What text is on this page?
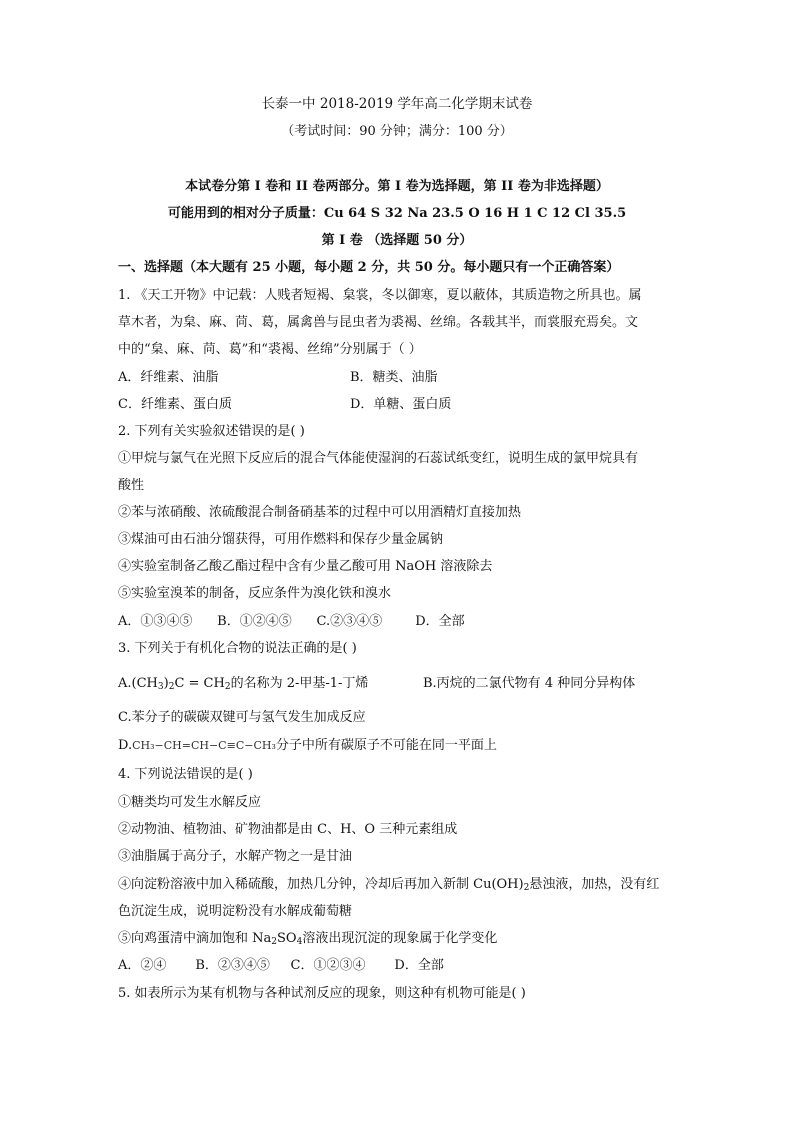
长泰一中 2018-2019 学年高二化学期末试卷
（考试时间：90 分钟；满分：100 分）
本试卷分第 I 卷和 II 卷两部分。第 I 卷为选择题，第 II 卷为非选择题）
可能用到的相对分子质量：Cu 64 S 32 Na 23.5 O 16 H 1 C 12 Cl 35.5
第 I 卷 （选择题 50 分）
一、选择题（本大题有 25 小题，每小题 2 分，共 50 分。每小题只有一个正确答案）
1. 《天工开物》中记载：人贱者短褐、枲裳，冬以御寒，夏以蔽体，其质造物之所具也。属
草木者，为枲、麻、苘、葛，属禽兽与昆虫者为裘褐、丝绵。各载其半，而裳服充焉矣。文
中的“枲、麻、苘、葛”和“裘褐、丝绵”分别属于（ ）
A．纤维素、油脂	B．糖类、油脂
C．纤维素、蛋白质	D．单糖、蛋白质
2. 下列有关实验叙述错误的是( )
①甲烷与氯气在光照下反应后的混合气体能使湿润的石蕊试纸变红，说明生成的氯甲烷具有
酸性
②苯与浓硝酸、浓硫酸混合制备硝基苯的过程中可以用酒精灯直接加热
③煤油可由石油分馏获得，可用作燃料和保存少量金属钠
④实验室制备乙酸乙酯过程中含有少量乙酸可用 NaOH 溶液除去
⑤实验室溴苯的制备，反应条件为溴化铁和溴水
A．①③④⑤      B．①②④⑤      C.②③④⑤        D．全部
3. 下列关于有机化合物的说法正确的是( )
$A.(CH_3)_2C = CH_2$的名称为 2-甲基-1-丁烯	B.丙烷的二氯代物有 4 种同分异构体
C.苯分子的碳碳双键可与氢气发生加成反应
D.CH₃−CH=CH−C≡C−CH₃分子中所有碳原子不可能在同一平面上
4. 下列说法错误的是( )
①糖类均可发生水解反应
②动物油、植物油、矿物油都是由 C、H、O 三种元素组成
③油脂属于高分子，水解产物之一是甘油
④向淀粉溶液中加入稀硫酸，加热几分钟，冷却后再加入新制 $Cu(OH)_2$悬浊液，加热，没有红
色沉淀生成，说明淀粉没有水解成葡萄糖
⑤向鸡蛋清中滴加饱和 $Na_2SO_4$溶液出现沉淀的现象属于化学变化
A．②④       B．②③④⑤     C．①②③④       D．全部
5. 如表所示为某有机物与各种试剂反应的现象，则这种有机物可能是( )
